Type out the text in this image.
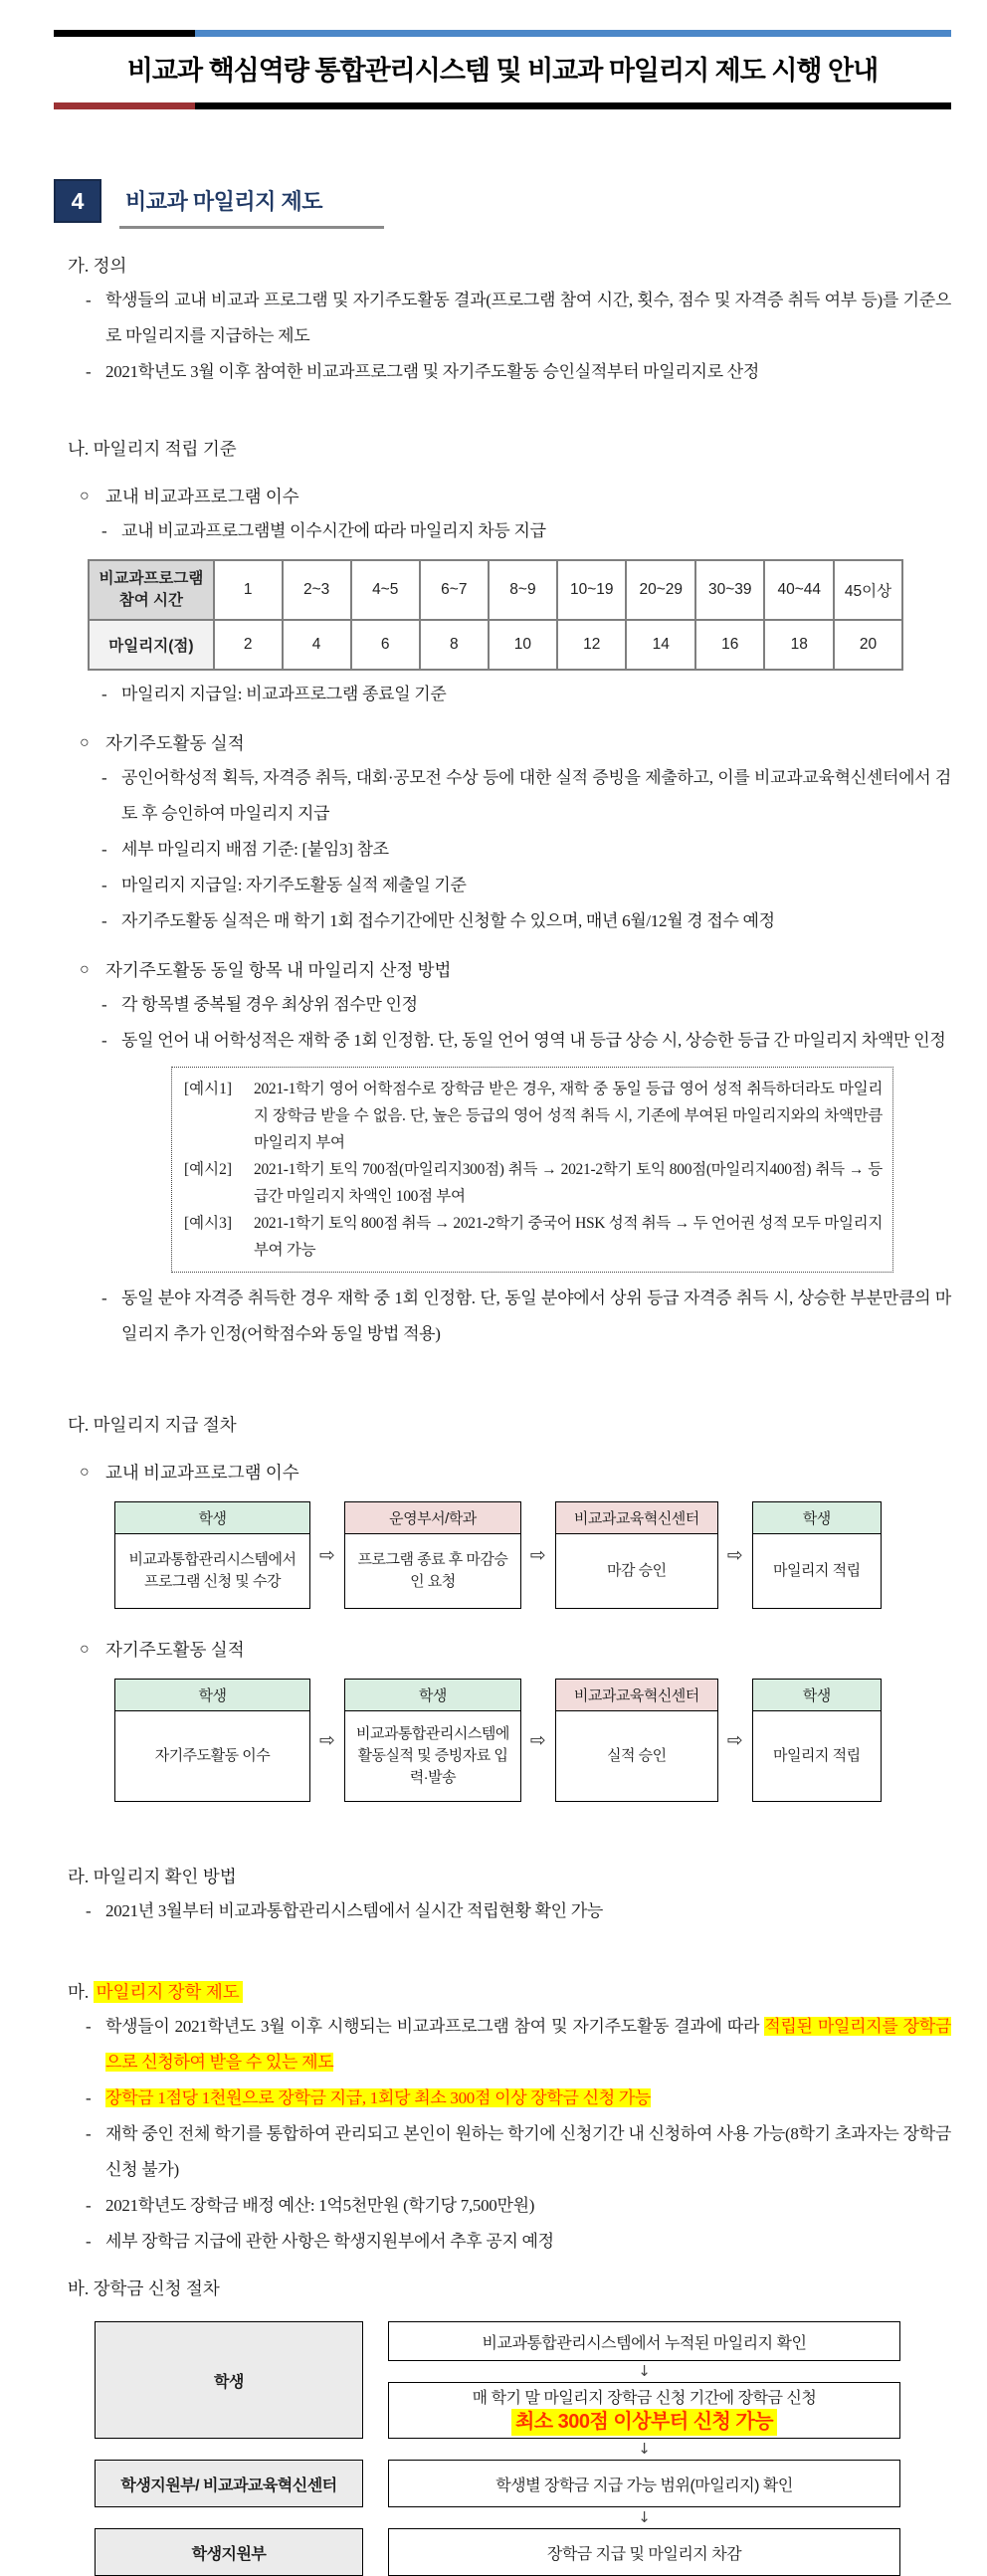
비교과 핵심역량 통합관리시스템 및 비교과 마일리지 제도 시행 안내
4	비교과 마일리지 제도
가. 정의
- 학생들의 교내 비교과 프로그램 및 자기주도활동 결과(프로그램 참여 시간, 횟수, 점수 및 자격증 취득 여부 등)를 기준으로 마일리지를 지급하는 제도
- 2021학년도 3월 이후 참여한 비교과프로그램 및 자기주도활동 승인실적부터 마일리지로 산정
나. 마일리지 적립 기준
○ 교내 비교과프로그램 이수
- 교내 비교과프로그램별 이수시간에 따라 마일리지 차등 지급
비교과프로그램
참여 시간	1	2~3	4~5	6~7	8~9	10~19	20~29	30~39	40~44	45이상
마일리지(점)	2	4	6	8	10	12	14	16	18	20
- 마일리지 지급일: 비교과프로그램 종료일 기준
○ 자기주도활동 실적
- 공인어학성적 획득, 자격증 취득, 대회·공모전 수상 등에 대한 실적 증빙을 제출하고, 이를 비교과교육혁신센터에서 검토 후 승인하여 마일리지 지급
- 세부 마일리지 배점 기준: [붙임3] 참조
- 마일리지 지급일: 자기주도활동 실적 제출일 기준
- 자기주도활동 실적은 매 학기 1회 접수기간에만 신청할 수 있으며, 매년 6월/12월 경 접수 예정
○ 자기주도활동 동일 항목 내 마일리지 산정 방법
- 각 항목별 중복될 경우 최상위 점수만 인정
- 동일 언어 내 어학성적은 재학 중 1회 인정함. 단, 동일 언어 영역 내 등급 상승 시, 상승한 등급 간 마일리지 차액만 인정
[예시1]	2021-1학기 영어 어학점수로 장학금 받은 경우, 재학 중 동일 등급 영어 성적 취득하더라도 마일리지 장학금 받을 수 없음. 단, 높은 등급의 영어 성적 취득 시, 기존에 부여된 마일리지와의 차액만큼 마일리지 부여
[예시2]	2021-1학기 토익 700점(마일리지300점) 취득 → 2021-2학기 토익 800점(마일리지400점) 취득 → 등급간 마일리지 차액인 100점 부여
[예시3]	2021-1학기 토익 800점 취득 → 2021-2학기 중국어 HSK 성적 취득 → 두 언어권 성적 모두 마일리지 부여 가능
- 동일 분야 자격증 취득한 경우 재학 중 1회 인정함. 단, 동일 분야에서 상위 등급 자격증 취득 시, 상승한 부분만큼의 마일리지 추가 인정(어학점수와 동일 방법 적용)
다. 마일리지 지급 절차
○ 교내 비교과프로그램 이수
학생
비교과통합관리시스템에서 프로그램 신청 및 수강
⇨
운영부서/학과
프로그램 종료 후 마감승인 요청
⇨
비교과교육혁신센터
마감 승인
⇨
학생
마일리지 적립
○ 자기주도활동 실적
학생
자기주도활동 이수
⇨
학생
비교과통합관리시스템에 활동실적 및 증빙자료 입력·발송
⇨
비교과교육혁신센터
실적 승인
⇨
학생
마일리지 적립
라. 마일리지 확인 방법
- 2021년 3월부터 비교과통합관리시스템에서 실시간 적립현황 확인 가능
마. 마일리지 장학 제도
- 학생들이 2021학년도 3월 이후 시행되는 비교과프로그램 참여 및 자기주도활동 결과에 따라 적립된 마일리지를 장학금으로 신청하여 받을 수 있는 제도
- 장학금 1점당 1천원으로 장학금 지급, 1회당 최소 300점 이상 장학금 신청 가능
- 재학 중인 전체 학기를 통합하여 관리되고 본인이 원하는 학기에 신청기간 내 신청하여 사용 가능(8학기 초과자는 장학금 신청 불가)
- 2021학년도 장학금 배정 예산: 1억5천만원 (학기당 7,500만원)
- 세부 장학금 지급에 관한 사항은 학생지원부에서 추후 공지 예정
바. 장학금 신청 절차
학생
비교과통합관리시스템에서 누적된 마일리지 확인
↓
매 학기 말 마일리지 장학금 신청 기간에 장학금 신청
최소 300점 이상부터 신청 가능
↓
학생지원부/ 비교과교육혁신센터	학생별 장학금 지급 가능 범위(마일리지) 확인
↓
학생지원부	장학금 지급 및 마일리지 차감
